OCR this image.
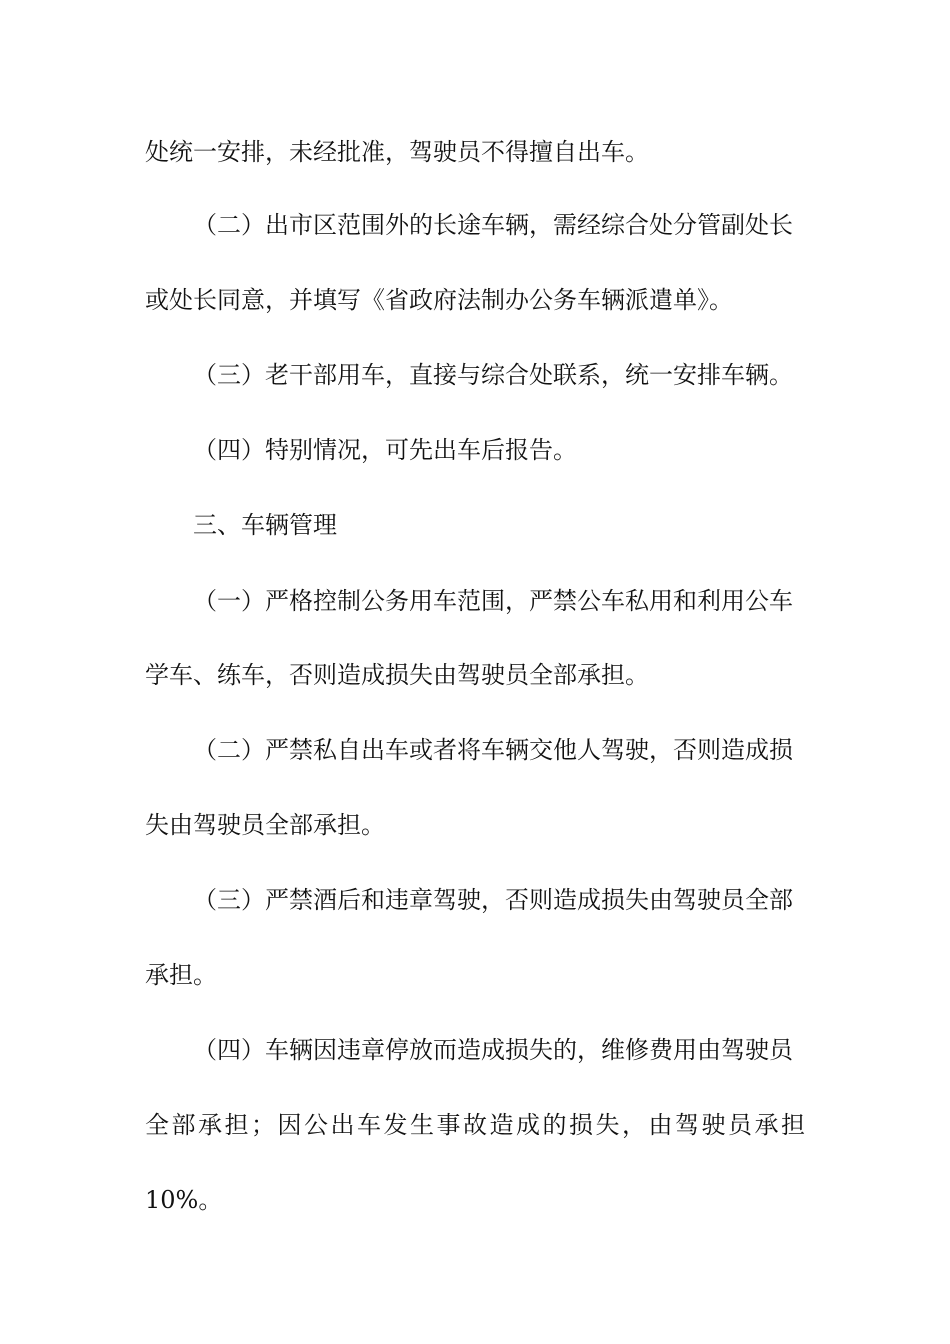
处统一安排，未经批准，驾驶员不得擅自出车。
（二）出市区范围外的长途车辆，需经综合处分管副处长
或处长同意，并填写《省政府法制办公务车辆派遣单》。
（三）老干部用车，直接与综合处联系，统一安排车辆。
（四）特别情况，可先出车后报告。
三、车辆管理
（一）严格控制公务用车范围，严禁公车私用和利用公车
学车、练车，否则造成损失由驾驶员全部承担。
（二）严禁私自出车或者将车辆交他人驾驶，否则造成损
失由驾驶员全部承担。
（三）严禁酒后和违章驾驶，否则造成损失由驾驶员全部
承担。
（四）车辆因违章停放而造成损失的，维修费用由驾驶员
全部承担；因公出车发生事故造成的损失，由驾驶员承担
10%。
